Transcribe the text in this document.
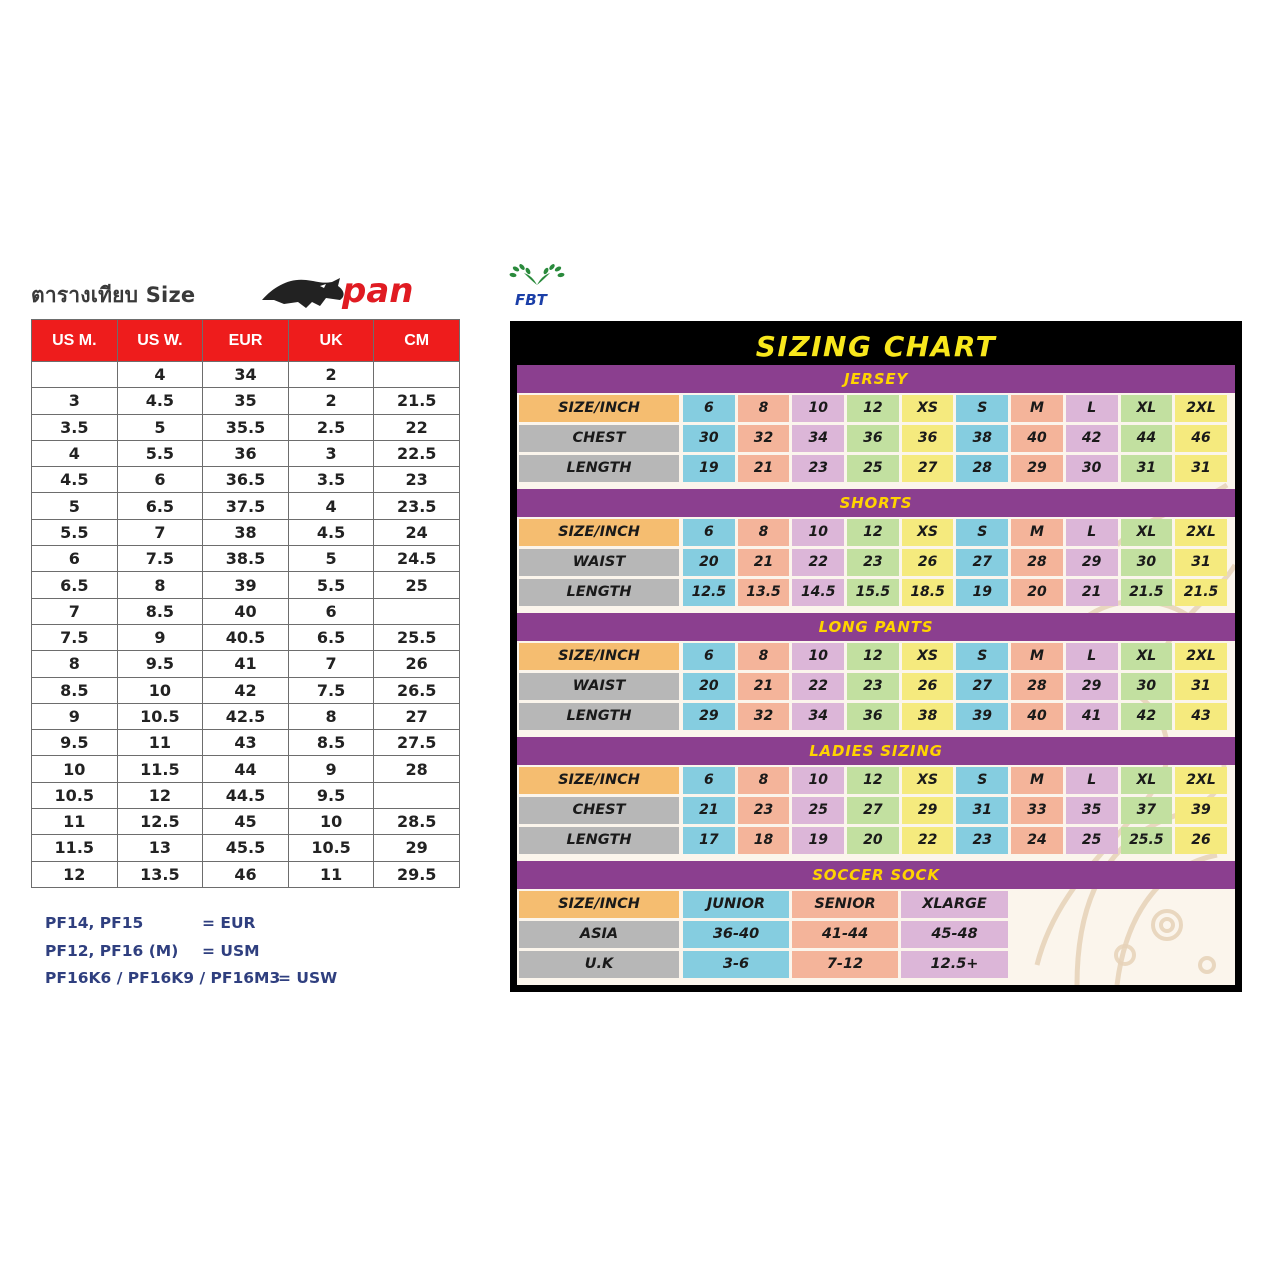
ตารางเทียบ Size	pan
US M.	US W.	EUR	UK	CM
	4	34	2	
3	4.5	35	2	21.5
3.5	5	35.5	2.5	22
4	5.5	36	3	22.5
4.5	6	36.5	3.5	23
5	6.5	37.5	4	23.5
5.5	7	38	4.5	24
6	7.5	38.5	5	24.5
6.5	8	39	5.5	25
7	8.5	40	6	
7.5	9	40.5	6.5	25.5
8	9.5	41	7	26
8.5	10	42	7.5	26.5
9	10.5	42.5	8	27
9.5	11	43	8.5	27.5
10	11.5	44	9	28
10.5	12	44.5	9.5	
11	12.5	45	10	28.5
11.5	13	45.5	10.5	29
12	13.5	46	11	29.5
PF14, PF15	= EUR
PF12, PF16 (M) = USM
PF16K6 / PF16K9 / PF16M3
= USW
FBT
SIZING CHART
JERSEY
SIZE/INCH	6	8	10	12	XS	S	M	L	XL	2XL
CHEST	30	32	34	36	36	38	40	42	44	46
LENGTH	19	21	23	25	27	28	29	30	31	31
SHORTS
SIZE/INCH	6	8	10	12	XS	S	M	L	XL	2XL
WAIST	20	21	22	23	26	27	28	29	30	31
LENGTH	12.5	13.5	14.5	15.5	18.5	19	20	21	21.5	21.5
LONG PANTS
SIZE/INCH	6	8	10	12	XS	S	M	L	XL	2XL
WAIST	20	21	22	23	26	27	28	29	30	31
LENGTH	29	32	34	36	38	39	40	41	42	43
LADIES SIZING
SIZE/INCH	6	8	10	12	XS	S	M	L	XL	2XL
CHEST	21	23	25	27	29	31	33	35	37	39
LENGTH	17	18	19	20	22	23	24	25	25.5	26
SOCCER SOCK
SIZE/INCH	JUNIOR	SENIOR	XLARGE
ASIA	36-40	41-44	45-48
U.K	3-6	7-12	12.5+
